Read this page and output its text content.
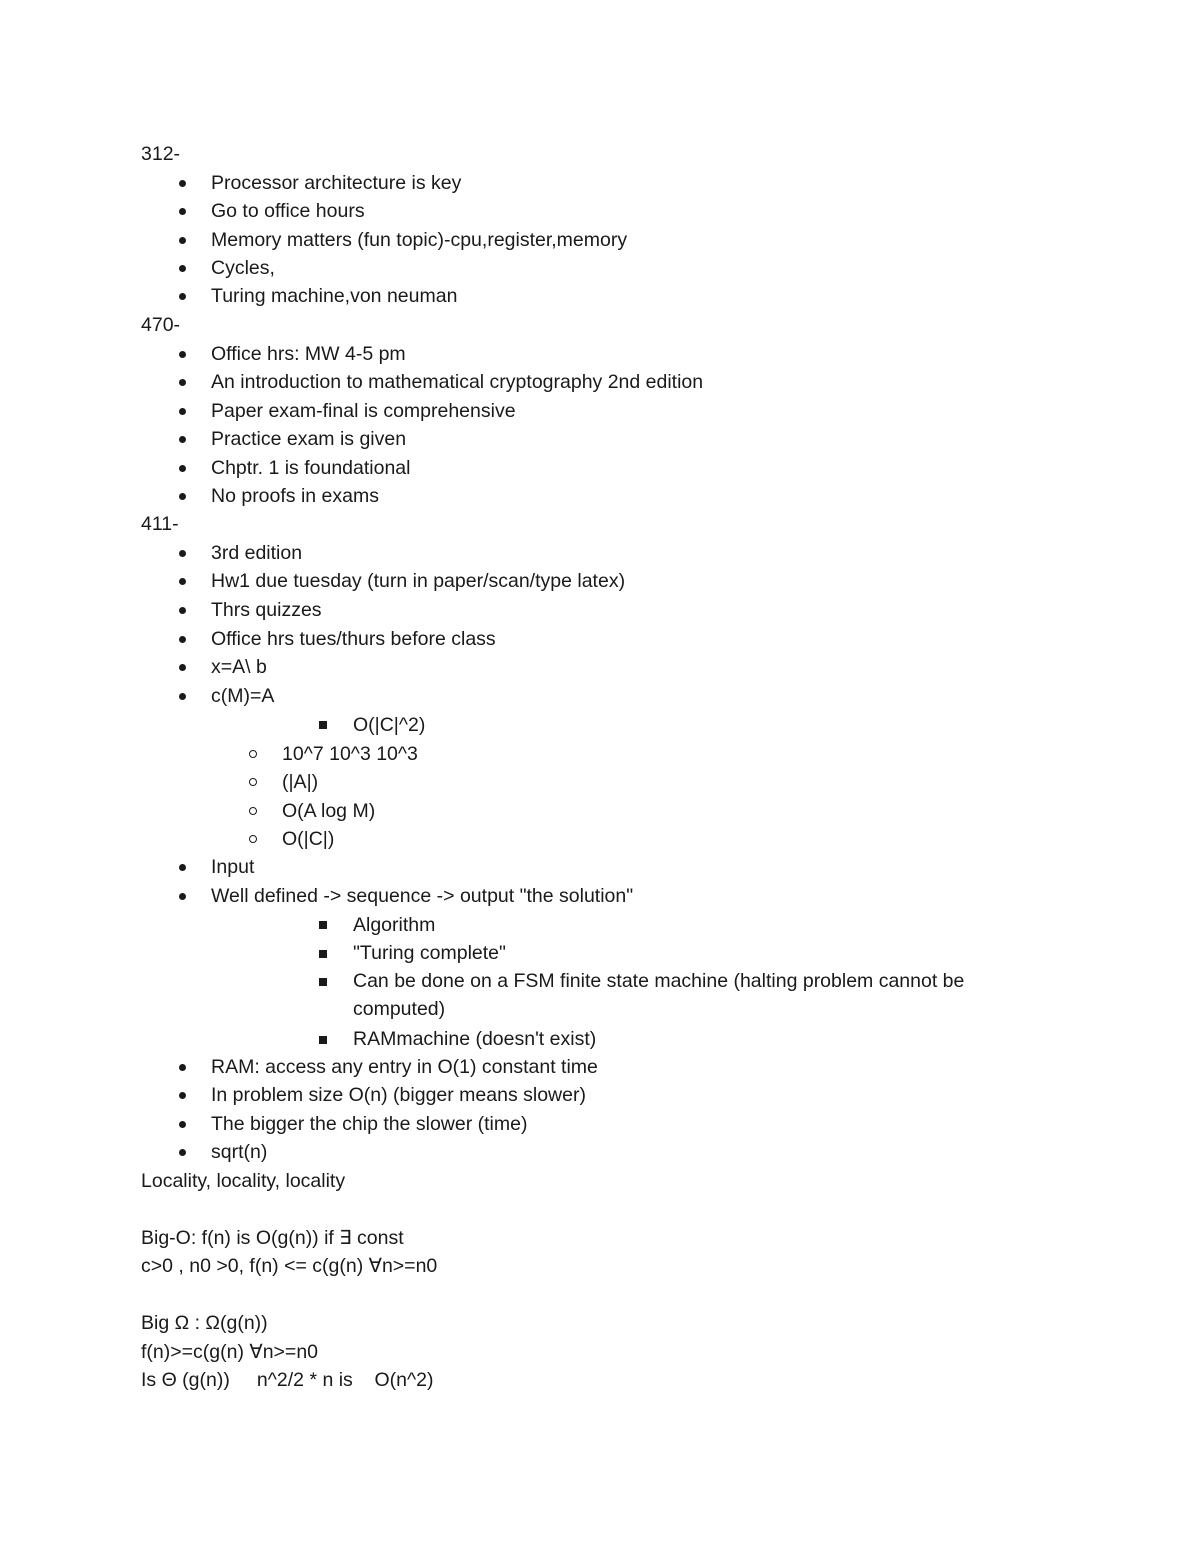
312-
Processor architecture is key
Go to office hours
Memory matters (fun topic)-cpu,register,memory
Cycles,
Turing machine,von neuman
470-
Office hrs: MW 4-5 pm
An introduction to mathematical cryptography 2nd edition
Paper exam-final is comprehensive
Practice exam is given
Chptr. 1 is foundational
No proofs in exams
411-
3rd edition
Hw1 due tuesday (turn in paper/scan/type latex)
Thrs quizzes
Office hrs tues/thurs before class
x=A\ b
c(M)=A
O(|C|^2)
10^7 10^3 10^3
(|A|)
O(A log M)
O(|C|)
Input
Well defined -> sequence -> output "the solution"
Algorithm
"Turing complete"
Can be done on a FSM finite state machine (halting problem cannot be computed)
RAMmachine (doesn't exist)
RAM: access any entry in O(1) constant time
In problem size O(n) (bigger means slower)
The bigger the chip the slower (time)
sqrt(n)
Locality, locality, locality
Big-O: f(n) is O(g(n)) if ∃ const
c>0 , n0 >0, f(n) <= c(g(n) ∀n>=n0
Big Ω : Ω(g(n))
f(n)>=c(g(n) ∀n>=n0
Is Θ (g(n))     n^2/2 * n is    O(n^2)
